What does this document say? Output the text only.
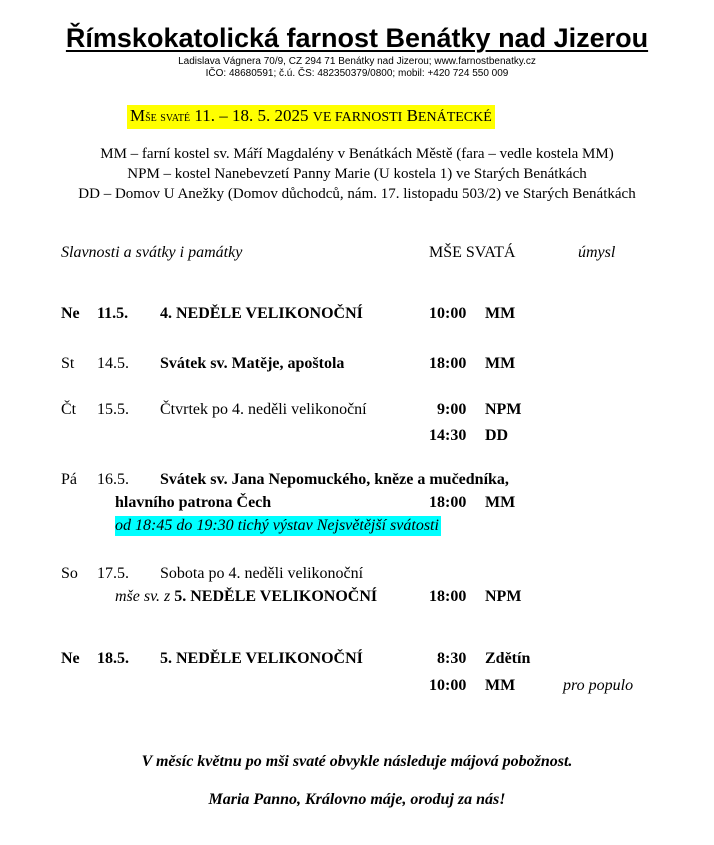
Římskokatolická farnost Benátky nad Jizerou
Ladislava Vágnera 70/9, CZ 294 71 Benátky nad Jizerou; www.farnostbenatky.cz
IČO: 48680591; č.ú. ČS: 482350379/0800; mobil: +420 724 550 009
Mše svaté 11. – 18. 5. 2025 VE FARNOSTI BENÁTECKÉ
MM – farní kostel sv. Máří Magdalény v Benátkách Městě (fara – vedle kostela MM)
NPM – kostel Nanebevzetí Panny Marie (U kostela 1) ve Starých Benátkách
DD – Domov U Anežky (Domov důchodců, nám. 17. listopadu 503/2) ve Starých Benátkách
Slavnosti a svátky i památky	MŠE SVATÁ	úmysl
Ne 11.5. 4. NEDĚLE VELIKONOČNÍ	10:00 MM
St 14.5. Svátek sv. Matěje, apoštola	18:00 MM
Čt 15.5. Čtvrtek po 4. neděli velikonoční	9:00 NPM
14:30 DD
Pá 16.5. Svátek sv. Jana Nepomuckého, kněze a mučedníka,
hlavního patrona Čech	18:00 MM
od 18:45 do 19:30 tichý výstav Nejsvětější svátosti
So 17.5. Sobota po 4. neděli velikonoční
mše sv. z 5. NEDĚLE VELIKONOČNÍ	18:00 NPM
Ne 18.5. 5. NEDĚLE VELIKONOČNÍ	8:30 Zdětín
10:00 MM	pro populo
V měsíc květnu po mši svaté obvykle následuje májová pobožnost.
Maria Panno, Královno máje, oroduj za nás!
